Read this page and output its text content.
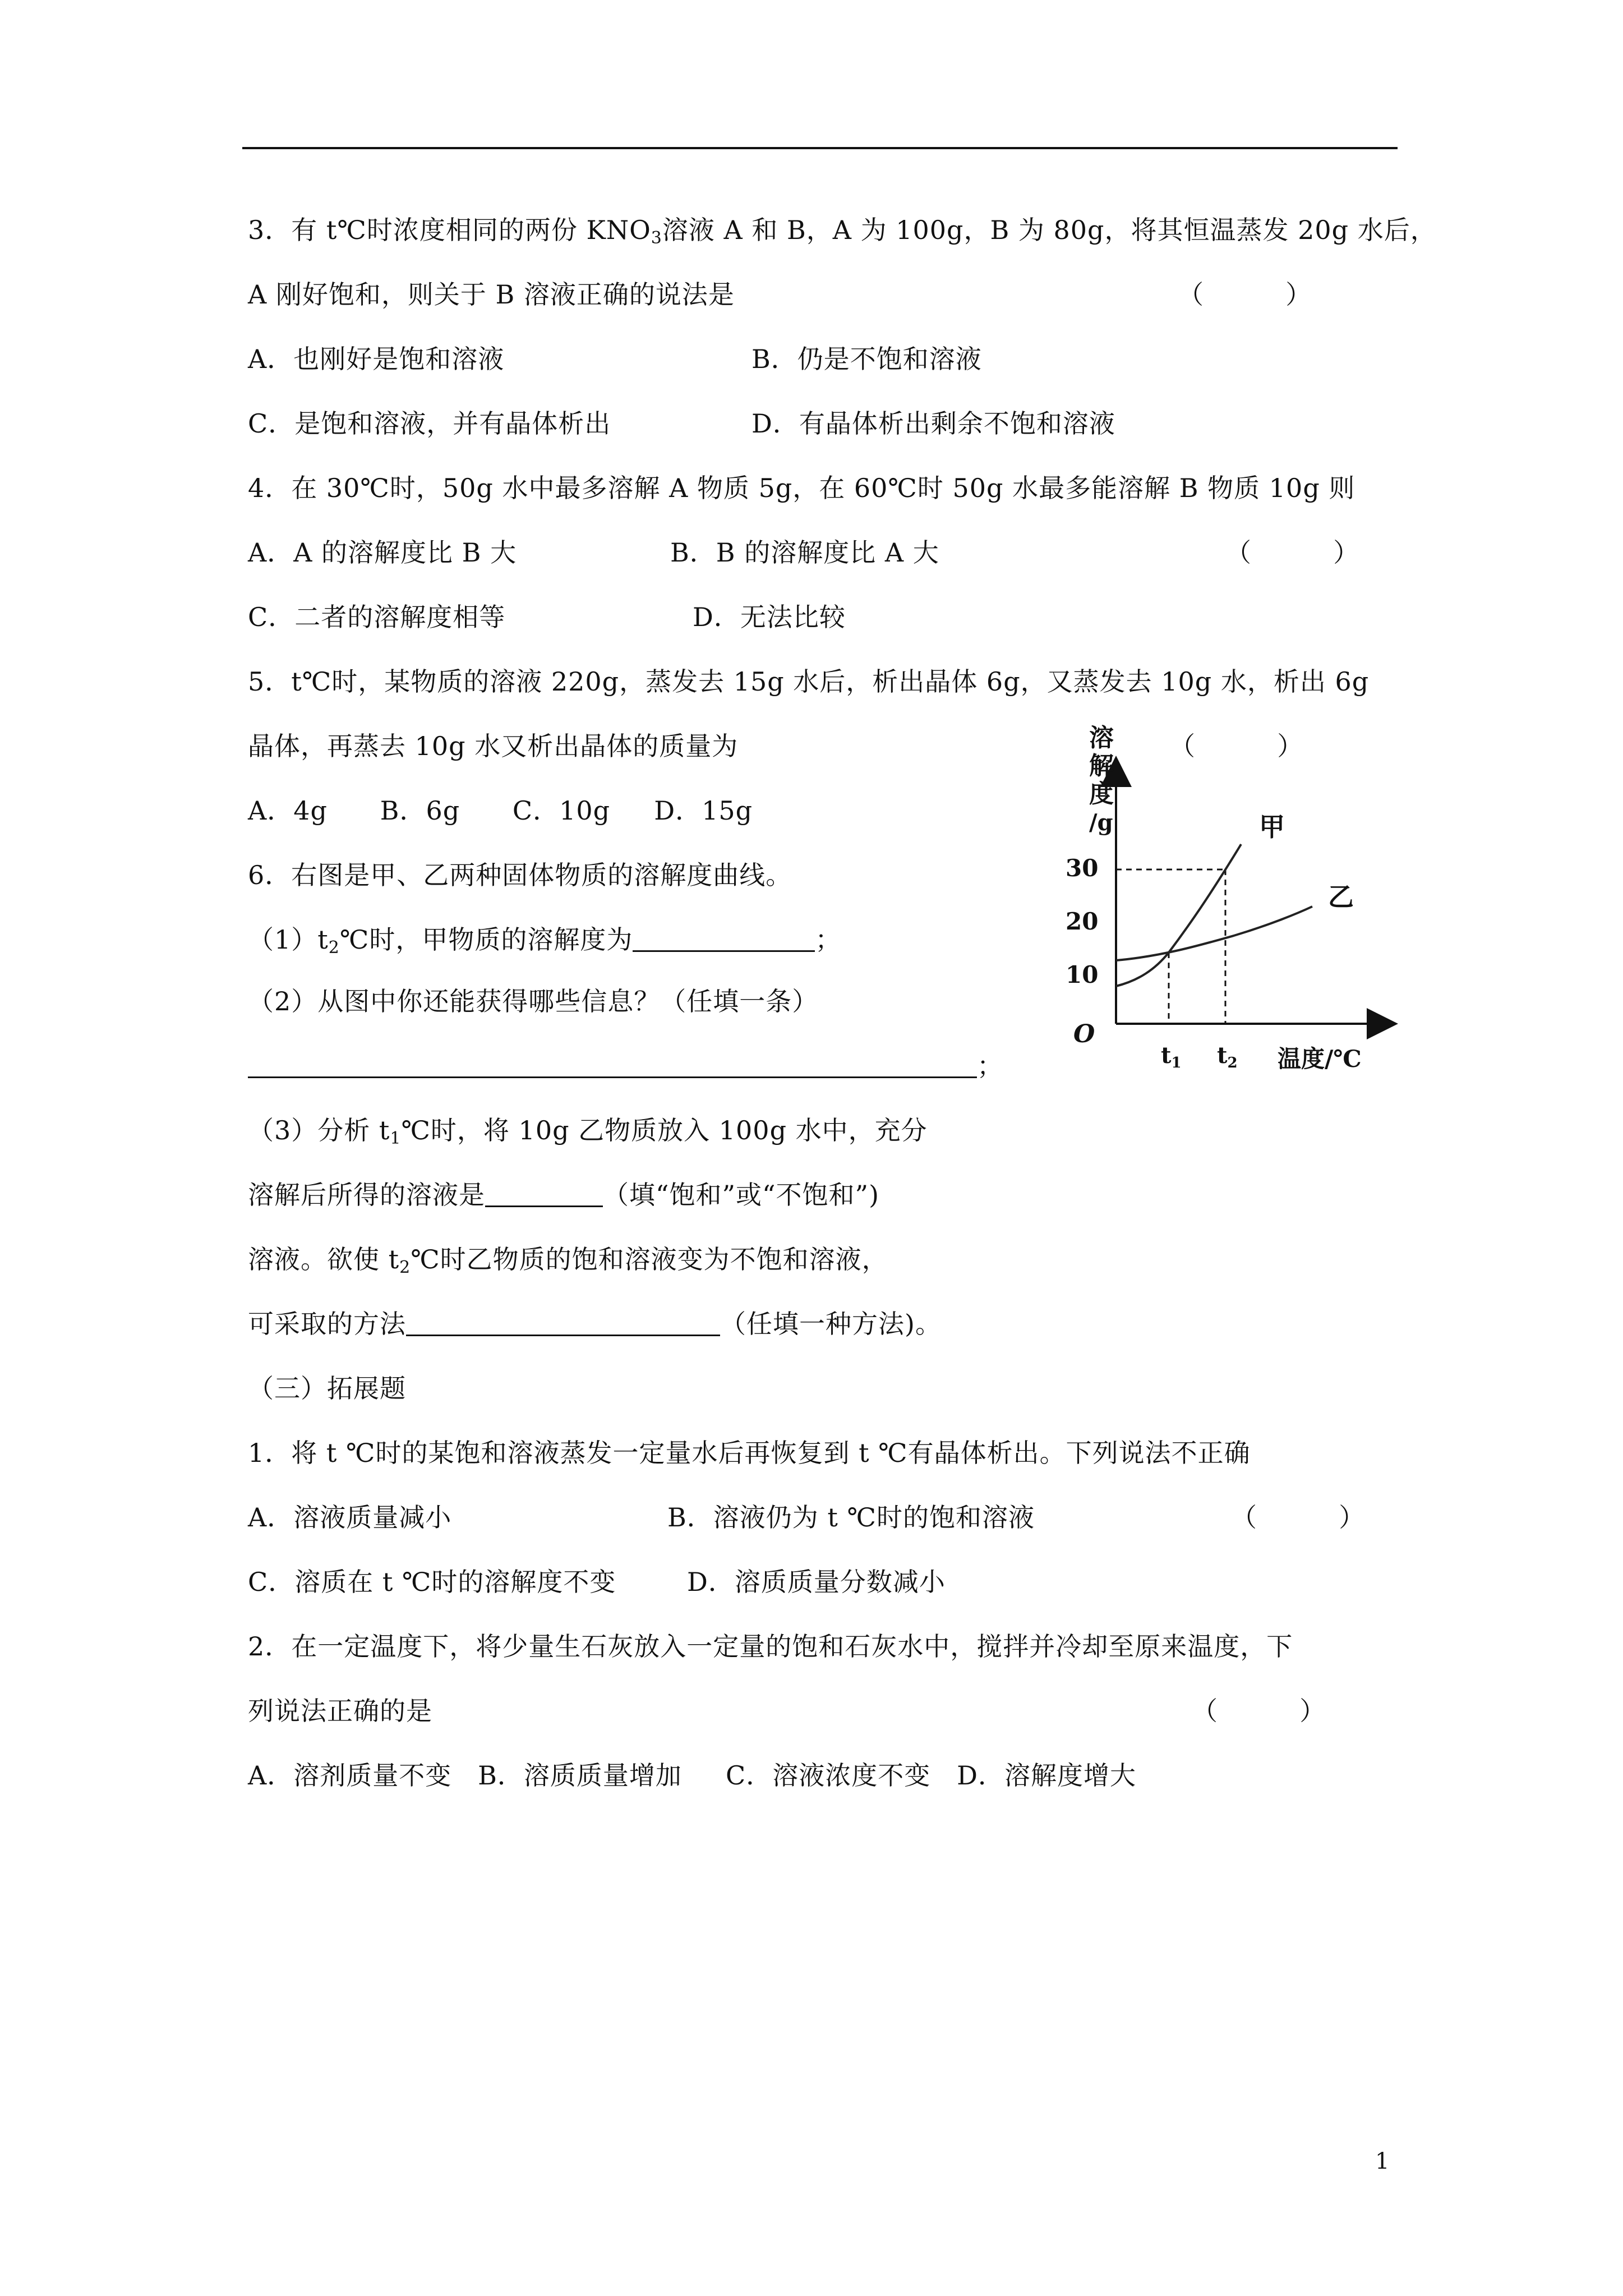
3．有 t℃时浓度相同的两份 $KNO_3$溶液 A 和 B，A 为 100g，B 为 80g，将其恒温蒸发 20g 水后，
A 刚好饱和，则关于 B 溶液正确的说法是	（          ）
A．也刚好是饱和溶液	B．仍是不饱和溶液
C．是饱和溶液，并有晶体析出	D．有晶体析出剩余不饱和溶液
4．在 30℃时，50g 水中最多溶解 A 物质 5g，在 60℃时 50g 水最多能溶解 B 物质 10g 则
A．A 的溶解度比 B 大	B．B 的溶解度比 A 大	（          ）
C．二者的溶解度相等	D．无法比较
5．t℃时，某物质的溶液 220g，蒸发去 15g 水后，析出晶体 6g，又蒸发去 10g 水，析出 6g
晶体，再蒸去 10g 水又析出晶体的质量为	（          ）
A．4g      B．6g      C．10g     D．15g
6．右图是甲、乙两种固体物质的溶解度曲线。
$(1)t_2℃$时，甲物质的溶解度为	；
（2）从图中你还能获得哪些信息？（任填一条）
；
（3）分析 $t_1℃$时，将 10g 乙物质放入 100g 水中，充分
溶解后所得的溶液是	（填“饱和”或“不饱和”)
溶液。欲使 $t_2℃$时乙物质的饱和溶液变为不饱和溶液，
可采取的方法	（任填一种方法)。
（三）拓展题
1．将 t ℃时的某饱和溶液蒸发一定量水后再恢复到 t ℃有晶体析出。下列说法不正确
A．溶液质量减小	B．溶液仍为 t ℃时的饱和溶液	（          ）
C．溶质在 t ℃时的溶解度不变	D．溶质质量分数减小
2．在一定温度下，将少量生石灰放入一定量的饱和石灰水中，搅拌并冷却至原来温度，下
列说法正确的是	（          ）
A．溶剂质量不变   B．溶质质量增加     C．溶液浓度不变   D．溶解度增大
溶
解
度
/g
30
20
10
O
$t_1$ $t_2$ 温度/℃
甲
乙
1
